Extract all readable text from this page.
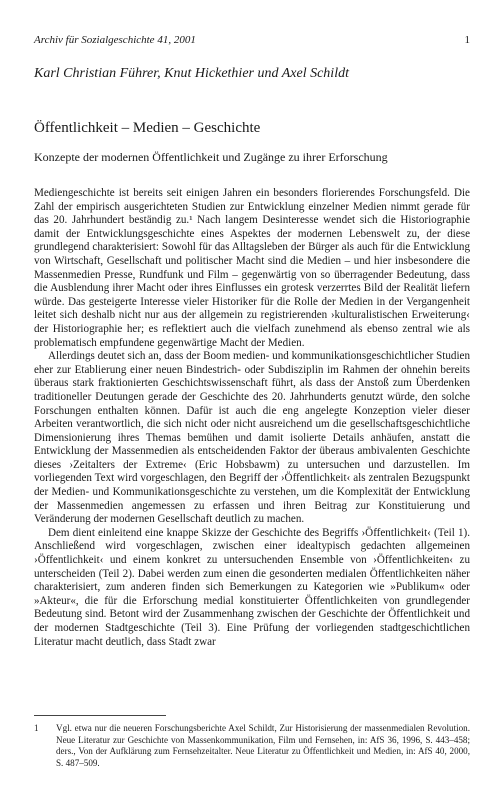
Archiv für Sozialgeschichte 41, 2001	1
Karl Christian Führer, Knut Hickethier und Axel Schildt
Öffentlichkeit – Medien – Geschichte
Konzepte der modernen Öffentlichkeit und Zugänge zu ihrer Erforschung

Mediengeschichte ist bereits seit einigen Jahren ein besonders florierendes Forschungsfeld. Die Zahl der empirisch ausgerichteten Studien zur Entwicklung einzelner Medien nimmt gerade für das 20. Jahrhundert beständig zu.¹ Nach langem Desinteresse wendet sich die Historiographie damit der Entwicklungsgeschichte eines Aspektes der modernen Lebenswelt zu, der diese grundlegend charakterisiert: Sowohl für das Alltagsleben der Bürger als auch für die Entwicklung von Wirtschaft, Gesellschaft und politischer Macht sind die Medien – und hier insbesondere die Massenmedien Presse, Rundfunk und Film – gegenwärtig von so überragender Bedeutung, dass die Ausblendung ihrer Macht oder ihres Einflusses ein grotesk verzerrtes Bild der Realität liefern würde. Das gesteigerte Interesse vieler Historiker für die Rolle der Medien in der Vergangenheit leitet sich deshalb nicht nur aus der allgemein zu registrierenden ›kulturalistischen Erweiterung‹ der Historiographie her; es reflektiert auch die vielfach zunehmend als ebenso zentral wie als problematisch empfundene gegenwärtige Macht der Medien.

Allerdings deutet sich an, dass der Boom medien- und kommunikationsgeschichtlicher Studien eher zur Etablierung einer neuen Bindestrich- oder Subdisziplin im Rahmen der ohnehin bereits überaus stark fraktionierten Geschichtswissenschaft führt, als dass der Anstoß zum Überdenken traditioneller Deutungen gerade der Geschichte des 20. Jahrhunderts genutzt würde, den solche Forschungen enthalten können. Dafür ist auch die eng angelegte Konzeption vieler dieser Arbeiten verantwortlich, die sich nicht oder nicht ausreichend um die gesellschaftsgeschichtliche Dimensionierung ihres Themas bemühen und damit isolierte Details anhäufen, anstatt die Entwicklung der Massenmedien als entscheidenden Faktor der überaus ambivalenten Geschichte dieses ›Zeitalters der Extreme‹ (Eric Hobsbawm) zu untersuchen und darzustellen. Im vorliegenden Text wird vorgeschlagen, den Begriff der ›Öffentlichkeit‹ als zentralen Bezugspunkt der Medien- und Kommunikationsgeschichte zu verstehen, um die Komplexität der Entwicklung der Massenmedien angemessen zu erfassen und ihren Beitrag zur Konstituierung und Veränderung der modernen Gesellschaft deutlich zu machen.

Dem dient einleitend eine knappe Skizze der Geschichte des Begriffs ›Öffentlichkeit‹ (Teil 1). Anschließend wird vorgeschlagen, zwischen einer idealtypisch gedachten allgemeinen ›Öffentlichkeit‹ und einem konkret zu untersuchenden Ensemble von ›Öffentlichkeiten‹ zu unterscheiden (Teil 2). Dabei werden zum einen die gesonderten medialen Öffentlichkeiten näher charakterisiert, zum anderen finden sich Bemerkungen zu Kategorien wie »Publikum« oder »Akteur«, die für die Erforschung medial konstituierter Öffentlichkeiten von grundlegender Bedeutung sind. Betont wird der Zusammenhang zwischen der Geschichte der Öffentlichkeit und der modernen Stadtgeschichte (Teil 3). Eine Prüfung der vorliegenden stadtgeschichtlichen Literatur macht deutlich, dass Stadt zwar

1 Vgl. etwa nur die neueren Forschungsberichte Axel Schildt, Zur Historisierung der massenmedialen Revolution. Neue Literatur zur Geschichte von Massenkommunikation, Film und Fernsehen, in: AfS 36, 1996, S. 443–458; ders., Von der Aufklärung zum Fernsehzeitalter. Neue Literatur zu Öffentlichkeit und Medien, in: AfS 40, 2000, S. 487–509.
